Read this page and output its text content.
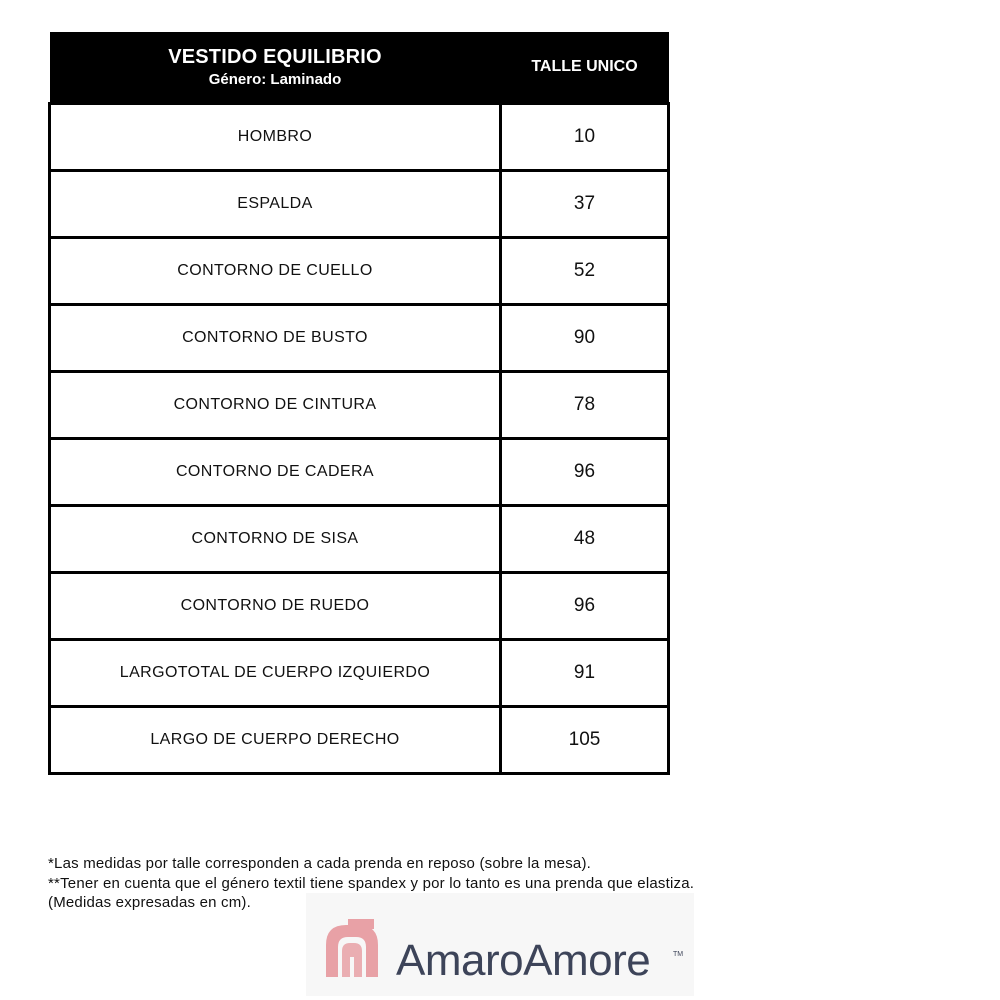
VESTIDO EQUILIBRIO
Género: Laminado	TALLE UNICO
HOMBRO	10
ESPALDA	37
CONTORNO DE CUELLO	52
CONTORNO DE BUSTO	90
CONTORNO DE CINTURA	78
CONTORNO DE CADERA	96
CONTORNO DE SISA	48
CONTORNO DE RUEDO	96
LARGOTOTAL DE CUERPO IZQUIERDO	91
LARGO DE CUERPO DERECHO	105
*Las medidas por talle corresponden a cada prenda en reposo (sobre la mesa).
**Tener en cuenta que el género textil tiene spandex y por lo tanto es una prenda que elastiza.
(Medidas expresadas en cm).
AmaroAmore	TM
